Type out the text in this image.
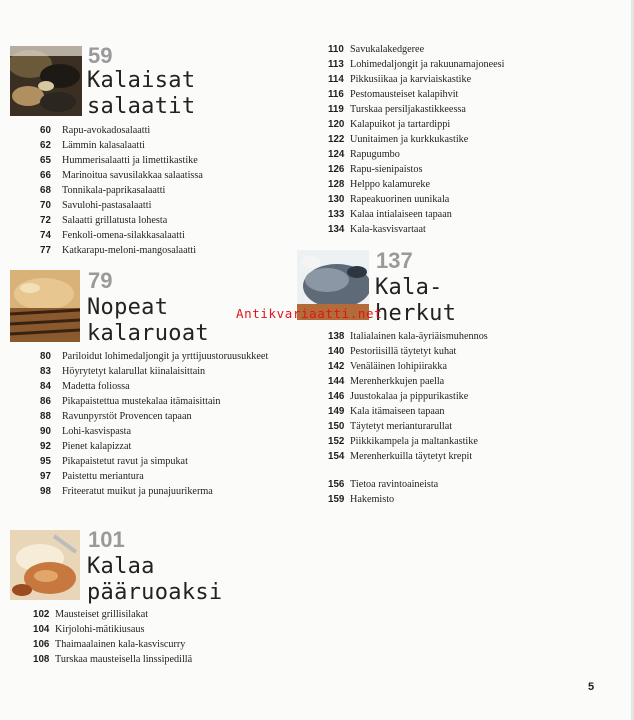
59
Kalaisat
salaatit
60 Rapu-avokadosalaatti
62 Lämmin kalasalaatti
65 Hummerisalaatti ja limettikastike
66 Marinoitua savusilakkaa salaatissa
68 Tonnikala-paprikasalaatti
70 Savulohi-pastasalaatti
72 Salaatti grillatusta lohesta
74 Fenkoli-omena-silakkasalaatti
77 Katkarapu-meloni-mangosalaatti
79
Nopeat
kalaruoat
80 Pariloidut lohimedaljongit ja yrttijuustoruusukkeet
83 Höyrytetyt kalarullat kiinalaisittain
84 Madetta foliossa
86 Pikapaistettua mustekalaa itämaisittain
88 Ravunpyrstöt Provencen tapaan
90 Lohi-kasvispasta
92 Pienet kalapizzat
95 Pikapaistetut ravut ja simpukat
97 Paistettu meriantura
98 Friteeratut muikut ja punajuurikerma
101
Kalaa
pääruoaksi
102 Mausteiset grillisilakat
104 Kirjolohi-mätikiusaus
106 Thaimaalainen kala-kasviscurry
108 Turskaa mausteisella linssipedillä
110 Savukalakedgeree
113 Lohimedaljongit ja rakuunamajoneesi
114 Pikkusiikaa ja karviaiskastike
116 Pestomausteiset kalapihvit
119 Turskaa persiljakastikkeessa
120 Kalapuikot ja tartardippi
122 Uunitaimen ja kurkkukastike
124 Rapugumbo
126 Rapu-sienipaistos
128 Helppo kalamureke
130 Rapeakuorinen uunikala
133 Kalaa intialaiseen tapaan
134 Kala-kasvisvartaat
137
Kala-
herkut
138 Italialainen kala-äyriäismuhennos
140 Pestoriisillä täytetyt kuhat
142 Venäläinen lohipiirakka
144 Merenherkkujen paella
146 Juustokalaa ja pippurikastike
149 Kala itämaiseen tapaan
150 Täytetyt merianturarullat
152 Piikkikampela ja maltankastike
154 Merenherkuilla täytetyt krepit
156 Tietoa ravintoaineista
159 Hakemisto
Antikvariaatti.net
5
